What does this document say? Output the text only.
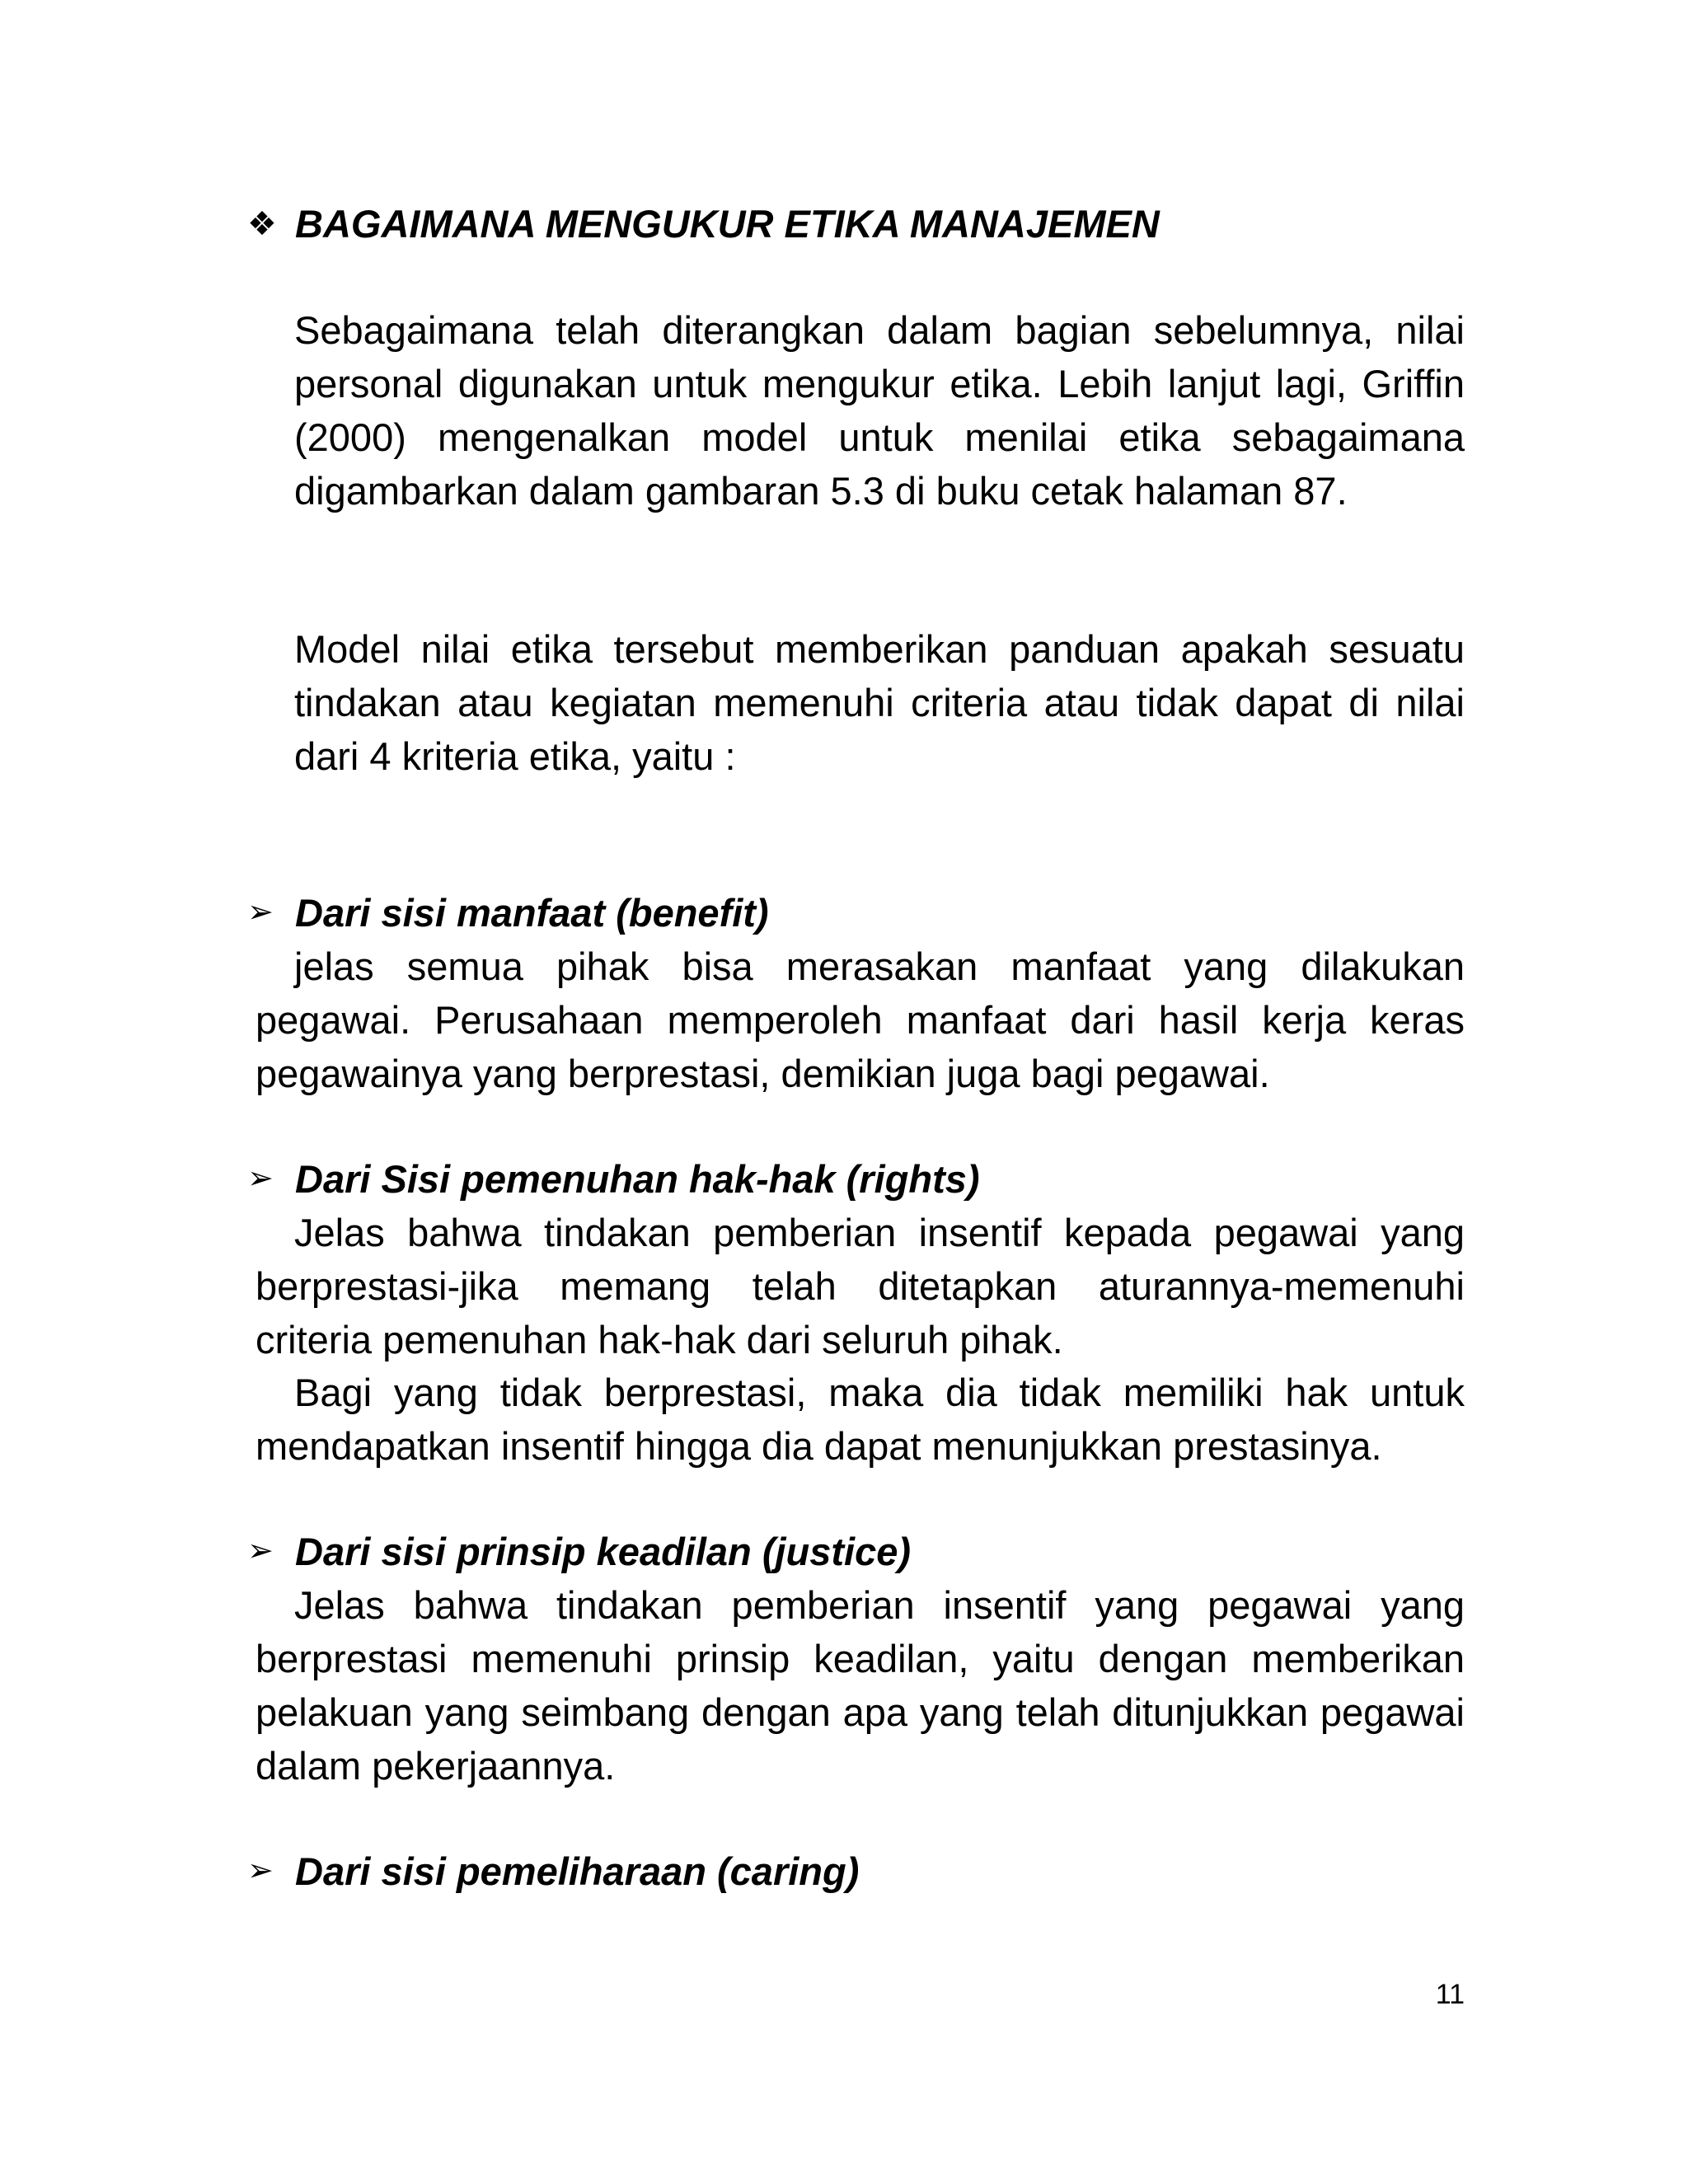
❖ BAGAIMANA MENGUKUR ETIKA MANAJEMEN
Sebagaimana telah diterangkan dalam bagian sebelumnya, nilai personal digunakan untuk mengukur etika. Lebih lanjut lagi, Griffin (2000) mengenalkan model untuk menilai etika sebagaimana digambarkan dalam gambaran 5.3 di buku cetak halaman 87.
Model nilai etika tersebut memberikan panduan apakah sesuatu tindakan atau kegiatan memenuhi criteria atau tidak dapat di nilai dari 4 kriteria etika, yaitu :
➢ Dari sisi manfaat (benefit)
jelas semua pihak bisa merasakan manfaat yang dilakukan pegawai. Perusahaan memperoleh manfaat dari hasil kerja keras pegawainya yang berprestasi, demikian juga bagi pegawai.
➢ Dari Sisi pemenuhan hak-hak (rights)
Jelas bahwa tindakan pemberian insentif kepada pegawai yang berprestasi-jika memang telah ditetapkan aturannya-memenuhi criteria pemenuhan hak-hak dari seluruh pihak.
Bagi yang tidak berprestasi, maka dia tidak memiliki hak untuk mendapatkan insentif hingga dia dapat menunjukkan prestasinya.
➢ Dari sisi prinsip keadilan (justice)
Jelas bahwa tindakan pemberian insentif yang pegawai yang berprestasi memenuhi prinsip keadilan, yaitu dengan memberikan pelakuan yang seimbang dengan apa yang telah ditunjukkan pegawai dalam pekerjaannya.
➢ Dari sisi pemeliharaan (caring)
11
